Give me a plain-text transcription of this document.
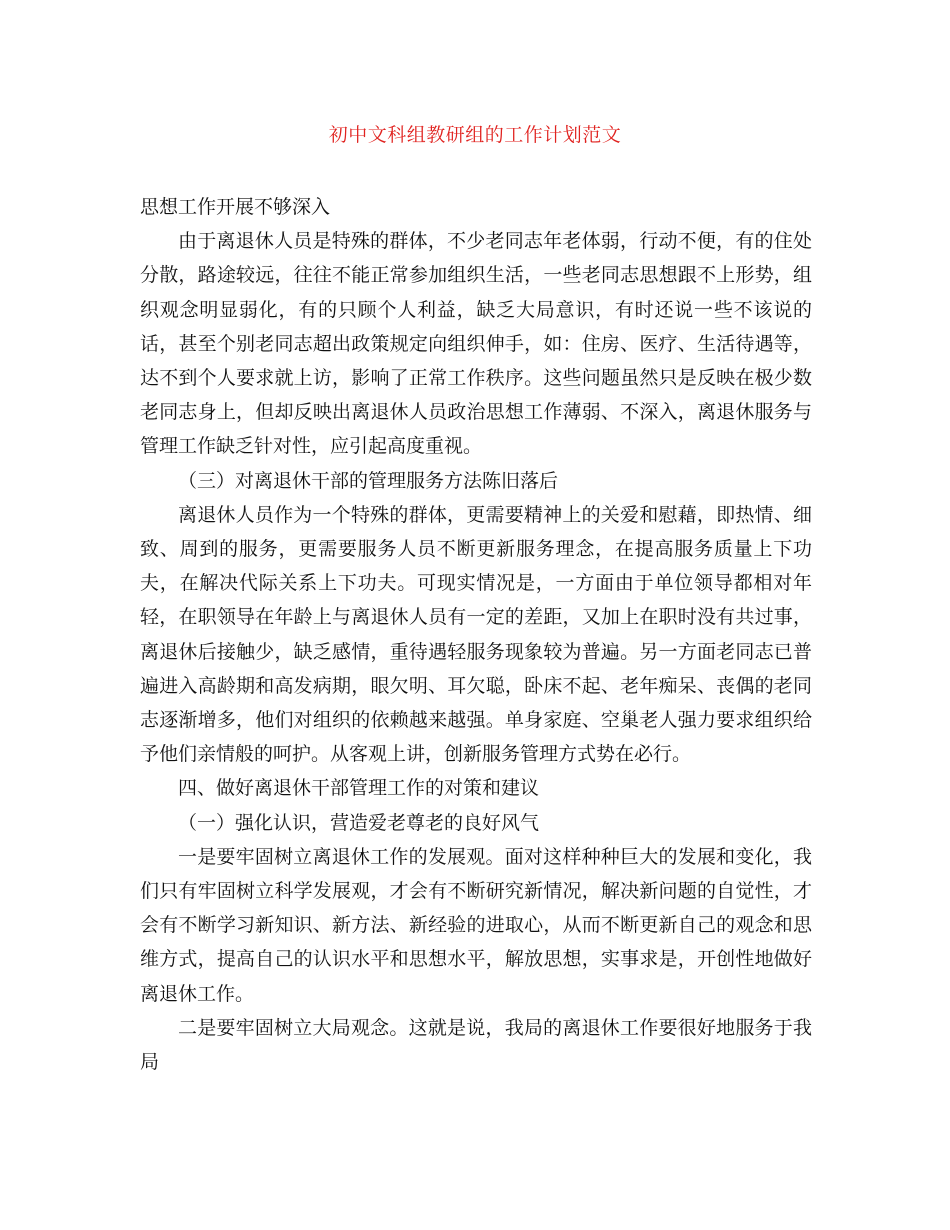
初中文科组教研组的工作计划范文

思想工作开展不够深入

由于离退休人员是特殊的群体，不少老同志年老体弱，行动不便，有的住处分散，路途较远，往往不能正常参加组织生活，一些老同志思想跟不上形势，组织观念明显弱化，有的只顾个人利益，缺乏大局意识，有时还说一些不该说的话，甚至个别老同志超出政策规定向组织伸手，如：住房、医疗、生活待遇等，达不到个人要求就上访，影响了正常工作秩序。这些问题虽然只是反映在极少数老同志身上，但却反映出离退休人员政治思想工作薄弱、不深入，离退休服务与管理工作缺乏针对性，应引起高度重视。

（三）对离退休干部的管理服务方法陈旧落后

离退休人员作为一个特殊的群体，更需要精神上的关爱和慰藉，即热情、细致、周到的服务，更需要服务人员不断更新服务理念，在提高服务质量上下功夫，在解决代际关系上下功夫。可现实情况是，一方面由于单位领导都相对年轻，在职领导在年龄上与离退休人员有一定的差距，又加上在职时没有共过事，离退休后接触少，缺乏感情，重待遇轻服务现象较为普遍。另一方面老同志已普遍进入高龄期和高发病期，眼欠明、耳欠聪，卧床不起、老年痴呆、丧偶的老同志逐渐增多，他们对组织的依赖越来越强。单身家庭、空巢老人强力要求组织给予他们亲情般的呵护。从客观上讲，创新服务管理方式势在必行。

四、做好离退休干部管理工作的对策和建议

（一）强化认识，营造爱老尊老的良好风气

一是要牢固树立离退休工作的发展观。面对这样种种巨大的发展和变化，我们只有牢固树立科学发展观，才会有不断研究新情况，解决新问题的自觉性，才会有不断学习新知识、新方法、新经验的进取心，从而不断更新自己的观念和思维方式，提高自己的认识水平和思想水平，解放思想，实事求是，开创性地做好离退休工作。

二是要牢固树立大局观念。这就是说，我局的离退休工作要很好地服务于我局
